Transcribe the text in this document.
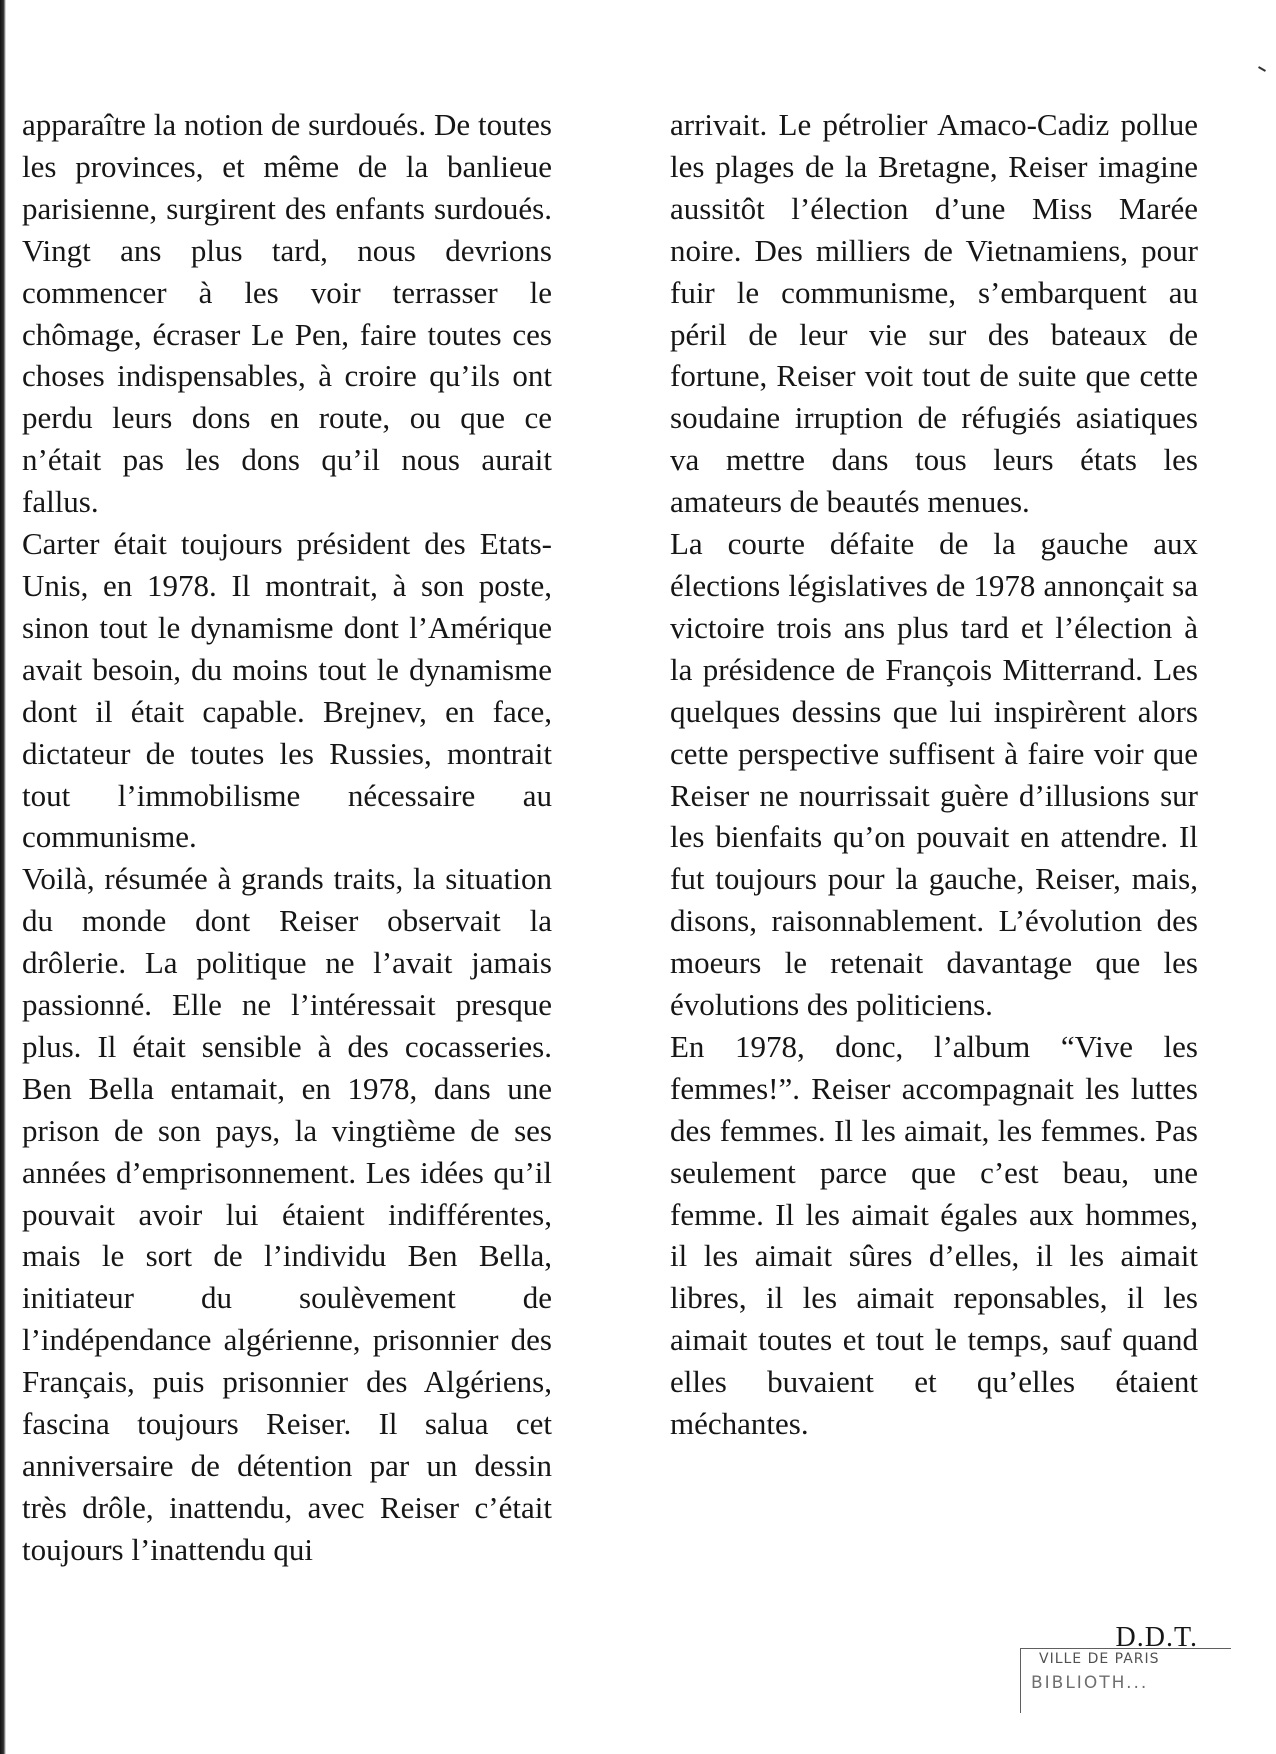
apparaître la notion de surdoués. De toutes les provinces, et même de la banlieue parisienne, surgirent des enfants surdoués. Vingt ans plus tard, nous devrions commencer à les voir terrasser le chômage, écraser Le Pen, faire toutes ces choses indispensables, à croire qu’ils ont perdu leurs dons en route, ou que ce n’était pas les dons qu’il nous aurait fallus.

Carter était toujours président des Etats-Unis, en 1978. Il montrait, à son poste, sinon tout le dynamisme dont l’Amérique avait besoin, du moins tout le dynamisme dont il était capable. Brejnev, en face, dictateur de toutes les Russies, montrait tout l’immobilisme nécessaire au communisme.

Voilà, résumée à grands traits, la situation du monde dont Reiser observait la drôlerie. La politique ne l’avait jamais passionné. Elle ne l’intéressait presque plus. Il était sensible à des cocasseries. Ben Bella entamait, en 1978, dans une prison de son pays, la vingtième de ses années d’emprisonnement. Les idées qu’il pouvait avoir lui étaient indifférentes, mais le sort de l’individu Ben Bella, initiateur du soulèvement de l’indépendance algérienne, prisonnier des Français, puis prisonnier des Algériens, fascina toujours Reiser. Il salua cet anniversaire de détention par un dessin très drôle, inattendu, avec Reiser c’était toujours l’inattendu qui

arrivait. Le pétrolier Amaco-Cadiz pollue les plages de la Bretagne, Reiser imagine aussitôt l’élection d’une Miss Marée noire. Des milliers de Vietnamiens, pour fuir le communisme, s’embarquent au péril de leur vie sur des bateaux de fortune, Reiser voit tout de suite que cette soudaine irruption de réfugiés asiatiques va mettre dans tous leurs états les amateurs de beautés menues.

La courte défaite de la gauche aux élections législatives de 1978 annonçait sa victoire trois ans plus tard et l’élection à la présidence de François Mitterrand. Les quelques dessins que lui inspirèrent alors cette perspective suffisent à faire voir que Reiser ne nourrissait guère d’illusions sur les bienfaits qu’on pouvait en attendre. Il fut toujours pour la gauche, Reiser, mais, disons, raisonnablement. L’évolution des moeurs le retenait davantage que les évolutions des politiciens.

En 1978, donc, l’album “Vive les femmes!”. Reiser accompagnait les luttes des femmes. Il les aimait, les femmes. Pas seulement parce que c’est beau, une femme. Il les aimait égales aux hommes, il les aimait sûres d’elles, il les aimait libres, il les aimait reponsables, il les aimait toutes et tout le temps, sauf quand elles buvaient et qu’elles étaient méchantes.

D.D.T.
VILLE DE PARIS
BIBLIOTH...
